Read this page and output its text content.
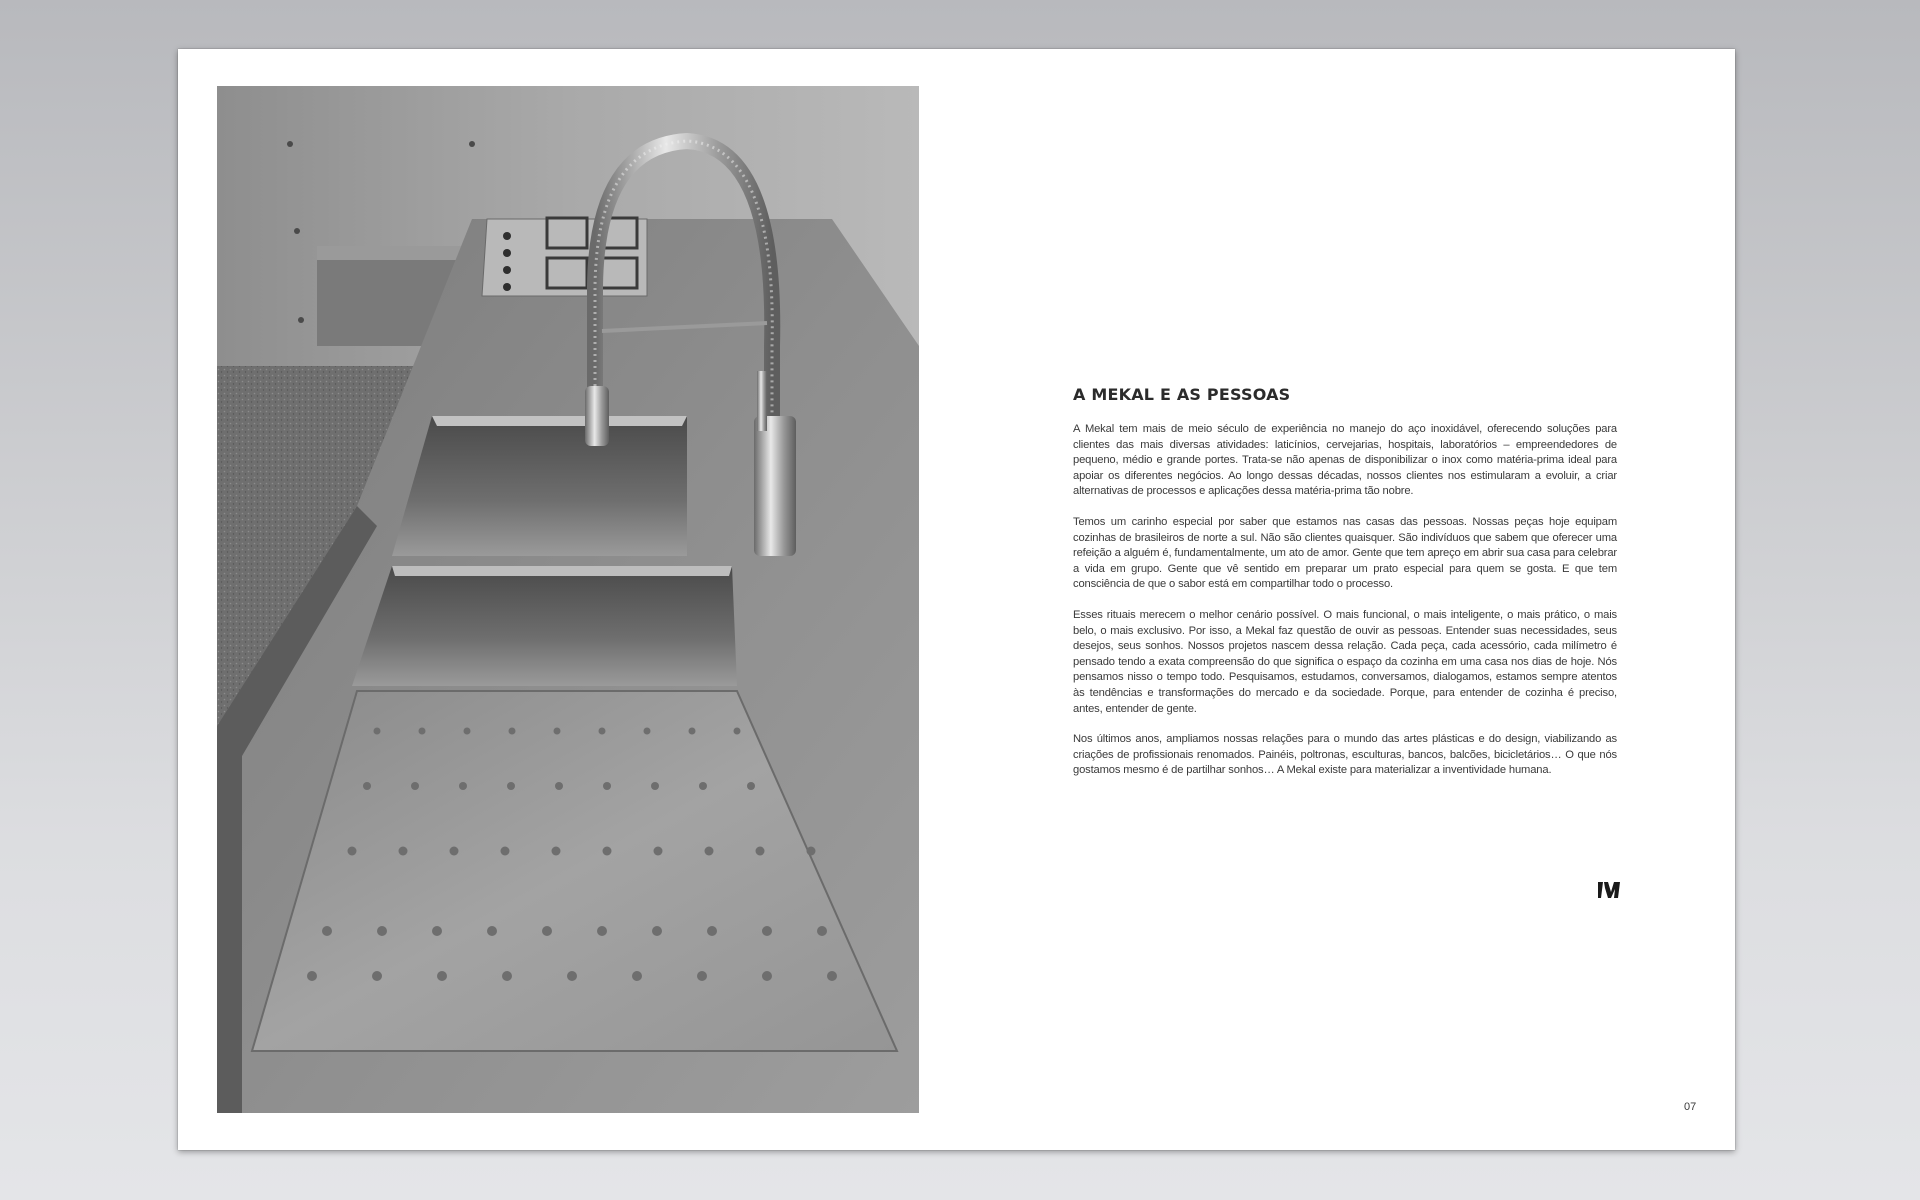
A MEKAL E AS PESSOAS

A Mekal tem mais de meio século de experiência no manejo do aço inoxidável, oferecendo soluções para clientes das mais diversas atividades: laticínios, cervejarias, hospitais, laboratórios – empreendedores de pequeno, médio e grande portes. Trata-se não apenas de disponibilizar o inox como matéria-prima ideal para apoiar os diferentes negócios. Ao longo dessas décadas, nossos clientes nos estimularam a evoluir, a criar alternativas de processos e aplicações dessa matéria-prima tão nobre.

Temos um carinho especial por saber que estamos nas casas das pessoas. Nossas peças hoje equipam cozinhas de brasileiros de norte a sul. Não são clientes quaisquer. São indivíduos que sabem que oferecer uma refeição a alguém é, fundamentalmente, um ato de amor. Gente que tem apreço em abrir sua casa para celebrar a vida em grupo. Gente que vê sentido em preparar um prato especial para quem se gosta. E que tem consciência de que o sabor está em compartilhar todo o processo.

Esses rituais merecem o melhor cenário possível. O mais funcional, o mais inteligente, o mais prático, o mais belo, o mais exclusivo. Por isso, a Mekal faz questão de ouvir as pessoas. Entender suas necessidades, seus desejos, seus sonhos. Nossos projetos nascem dessa relação. Cada peça, cada acessório, cada milímetro é pensado tendo a exata compreensão do que significa o espaço da cozinha em uma casa nos dias de hoje. Nós pensamos nisso o tempo todo. Pesquisamos, estudamos, conversamos, dialogamos, estamos sempre atentos às tendências e transformações do mercado e da sociedade. Porque, para entender de cozinha é preciso, antes, entender de gente.

Nos últimos anos, ampliamos nossas relações para o mundo das artes plásticas e do design, viabilizando as criações de profissionais renomados. Painéis, poltronas, esculturas, bancos, balcões, bicicletários… O que nós gostamos mesmo é de partilhar sonhos… A Mekal existe para materializar a inventividade humana.

07
